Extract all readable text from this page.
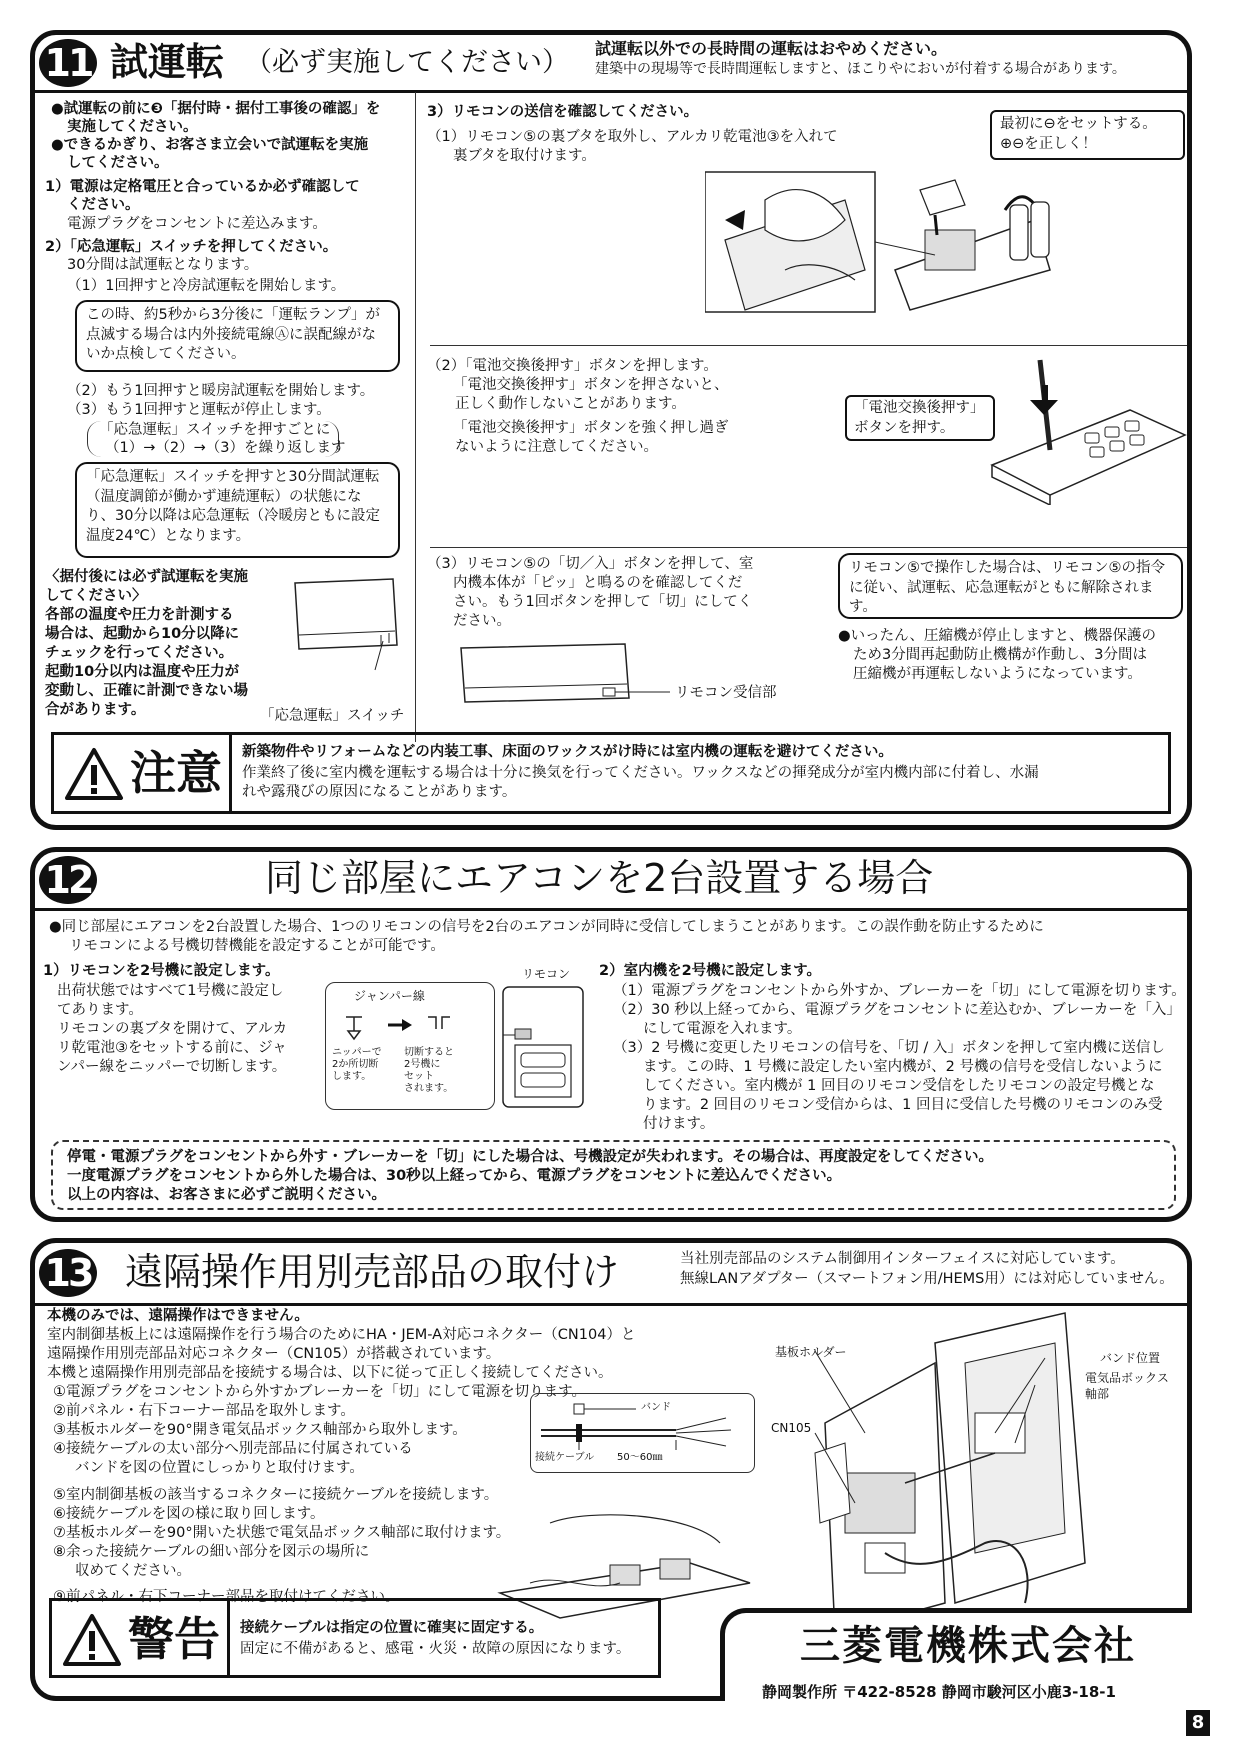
11 試運転 （必ず実施してください） 試運転以外での長時間の運転はおやめください。
建築中の現場等で長時間運転しますと、ほこりやにおいが付着する場合があります。
●試運転の前に❸「据付時・据付工事後の確認」を
実施してください。
●できるかぎり、お客さま立会いで試運転を実施
してください。
1）電源は定格電圧と合っているか必ず確認して
ください。
電源プラグをコンセントに差込みます。
2）「応急運転」スイッチを押してください。
30分間は試運転となります。
（1）1回押すと冷房試運転を開始します。
この時、約5秒から3分後に「運転ランプ」が点滅する場合は内外接続電線Ⓐに誤配線がないか点検してください。
（2）もう1回押すと暖房試運転を開始します。
（3）もう1回押すと運転が停止します。
「応急運転」スイッチを押すごとに
（1）→（2）→（3）を繰り返します
「応急運転」スイッチを押すと30分間試運転（温度調節が働かず連続運転）の状態になり、30分以降は応急運転（冷暖房ともに設定温度24℃）となります。
〈据付後には必ず試運転を実施
してください〉
各部の温度や圧力を計測する
場合は、起動から10分以降に
チェックを行ってください。
起動10分以内は温度や圧力が
変動し、正確に計測できない場
合があります。	「応急運転」スイッチ
3）リモコンの送信を確認してください。
（1）リモコン⑤の裏ブタを取外し、アルカリ乾電池③を入れて
裏ブタを取付けます。
最初に⊖をセットする。
⊕⊖を正しく！
（2）「電池交換後押す」ボタンを押します。
「電池交換後押す」ボタンを押さないと、
正しく動作しないことがあります。
「電池交換後押す」ボタンを強く押し過ぎ
ないように注意してください。
「電池交換後押す」
ボタンを押す。
（3）リモコン⑤の「切／入」ボタンを押して、室
内機本体が「ピッ」と鳴るのを確認してくだ
さい。もう1回ボタンを押して「切」にしてく
ださい。
リモコン受信部
リモコン⑤で操作した場合は、リモコン⑤の指令に従い、試運転、応急運転がともに解除されます。
●いったん、圧縮機が停止しますと、機器保護の
ため3分間再起動防止機構が作動し、3分間は
圧縮機が再運転しないようになっています。
注意 新築物件やリフォームなどの内装工事、床面のワックスがけ時には室内機の運転を避けてください。
作業終了後に室内機を運転する場合は十分に換気を行ってください。ワックスなどの揮発成分が室内機内部に付着し、水漏
れや露飛びの原因になることがあります。
12	同じ部屋にエアコンを2台設置する場合
●同じ部屋にエアコンを2台設置した場合、1つのリモコンの信号を2台のエアコンが同時に受信してしまうことがあります。この誤作動を防止するために
リモコンによる号機切替機能を設定することが可能です。
1）リモコンを2号機に設定します。
出荷状態ではすべて1号機に設定し
てあります。
リモコンの裏ブタを開けて、アルカ
リ乾電池③をセットする前に、ジャ
ンパー線をニッパーで切断します。
ジャンパー線
ニッパーで
2か所切断
します。
切断すると
2号機に
セット
されます。
リモコン 2）室内機を2号機に設定します。
（1）電源プラグをコンセントから外すか、ブレーカーを「切」にして電源を切ります。
（2）30 秒以上経ってから、電源プラグをコンセントに差込むか、ブレーカーを「入」
にして電源を入れます。
（3）2 号機に変更したリモコンの信号を、「切 / 入」ボタンを押して室内機に送信し
ます。この時、1 号機に設定したい室内機が、2 号機の信号を受信しないように
してください。室内機が 1 回目のリモコン受信をしたリモコンの設定号機とな
ります。2 回目のリモコン受信からは、1 回目に受信した号機のリモコンのみ受
付けます。
停電・電源プラグをコンセントから外す・ブレーカーを「切」にした場合は、号機設定が失われます。その場合は、再度設定をしてください。
一度電源プラグをコンセントから外した場合は、30秒以上経ってから、電源プラグをコンセントに差込んでください。
以上の内容は、お客さまに必ずご説明ください。
13 遠隔操作用別売部品の取付け	当社別売部品のシステム制御用インターフェイスに対応しています。
無線LANアダプター（スマートフォン用/HEMS用）には対応していません。
本機のみでは、遠隔操作はできません。
室内制御基板上には遠隔操作を行う場合のためにHA・JEM-A対応コネクター（CN104）と
遠隔操作用別売部品対応コネクター（CN105）が搭載されています。
本機と遠隔操作用別売部品を接続する場合は、以下に従って正しく接続してください。
①電源プラグをコンセントから外すかブレーカーを「切」にして電源を切ります。
②前パネル・右下コーナー部品を取外します。
③基板ホルダーを90°開き電気品ボックス軸部から取外します。
④接続ケーブルの太い部分へ別売部品に付属されている
バンドを図の位置にしっかりと取付けます。
⑤室内制御基板の該当するコネクターに接続ケーブルを接続します。
⑥接続ケーブルを図の様に取り回します。
⑦基板ホルダーを90°開いた状態で電気品ボックス軸部に取付けます。
⑧余った接続ケーブルの細い部分を図示の場所に
収めてください。
⑨前パネル・右下コーナー部品を取付けてください。
バンド
接続ケーブル 50〜60㎜
基板ホルダー	バンド位置
電気品ボックス
軸部
CN105
警告 接続ケーブルは指定の位置に確実に固定する。
固定に不備があると、感電・火災・故障の原因になります。	三菱電機株式会社
静岡製作所 〒422-8528 静岡市駿河区小鹿3-18-1
8
